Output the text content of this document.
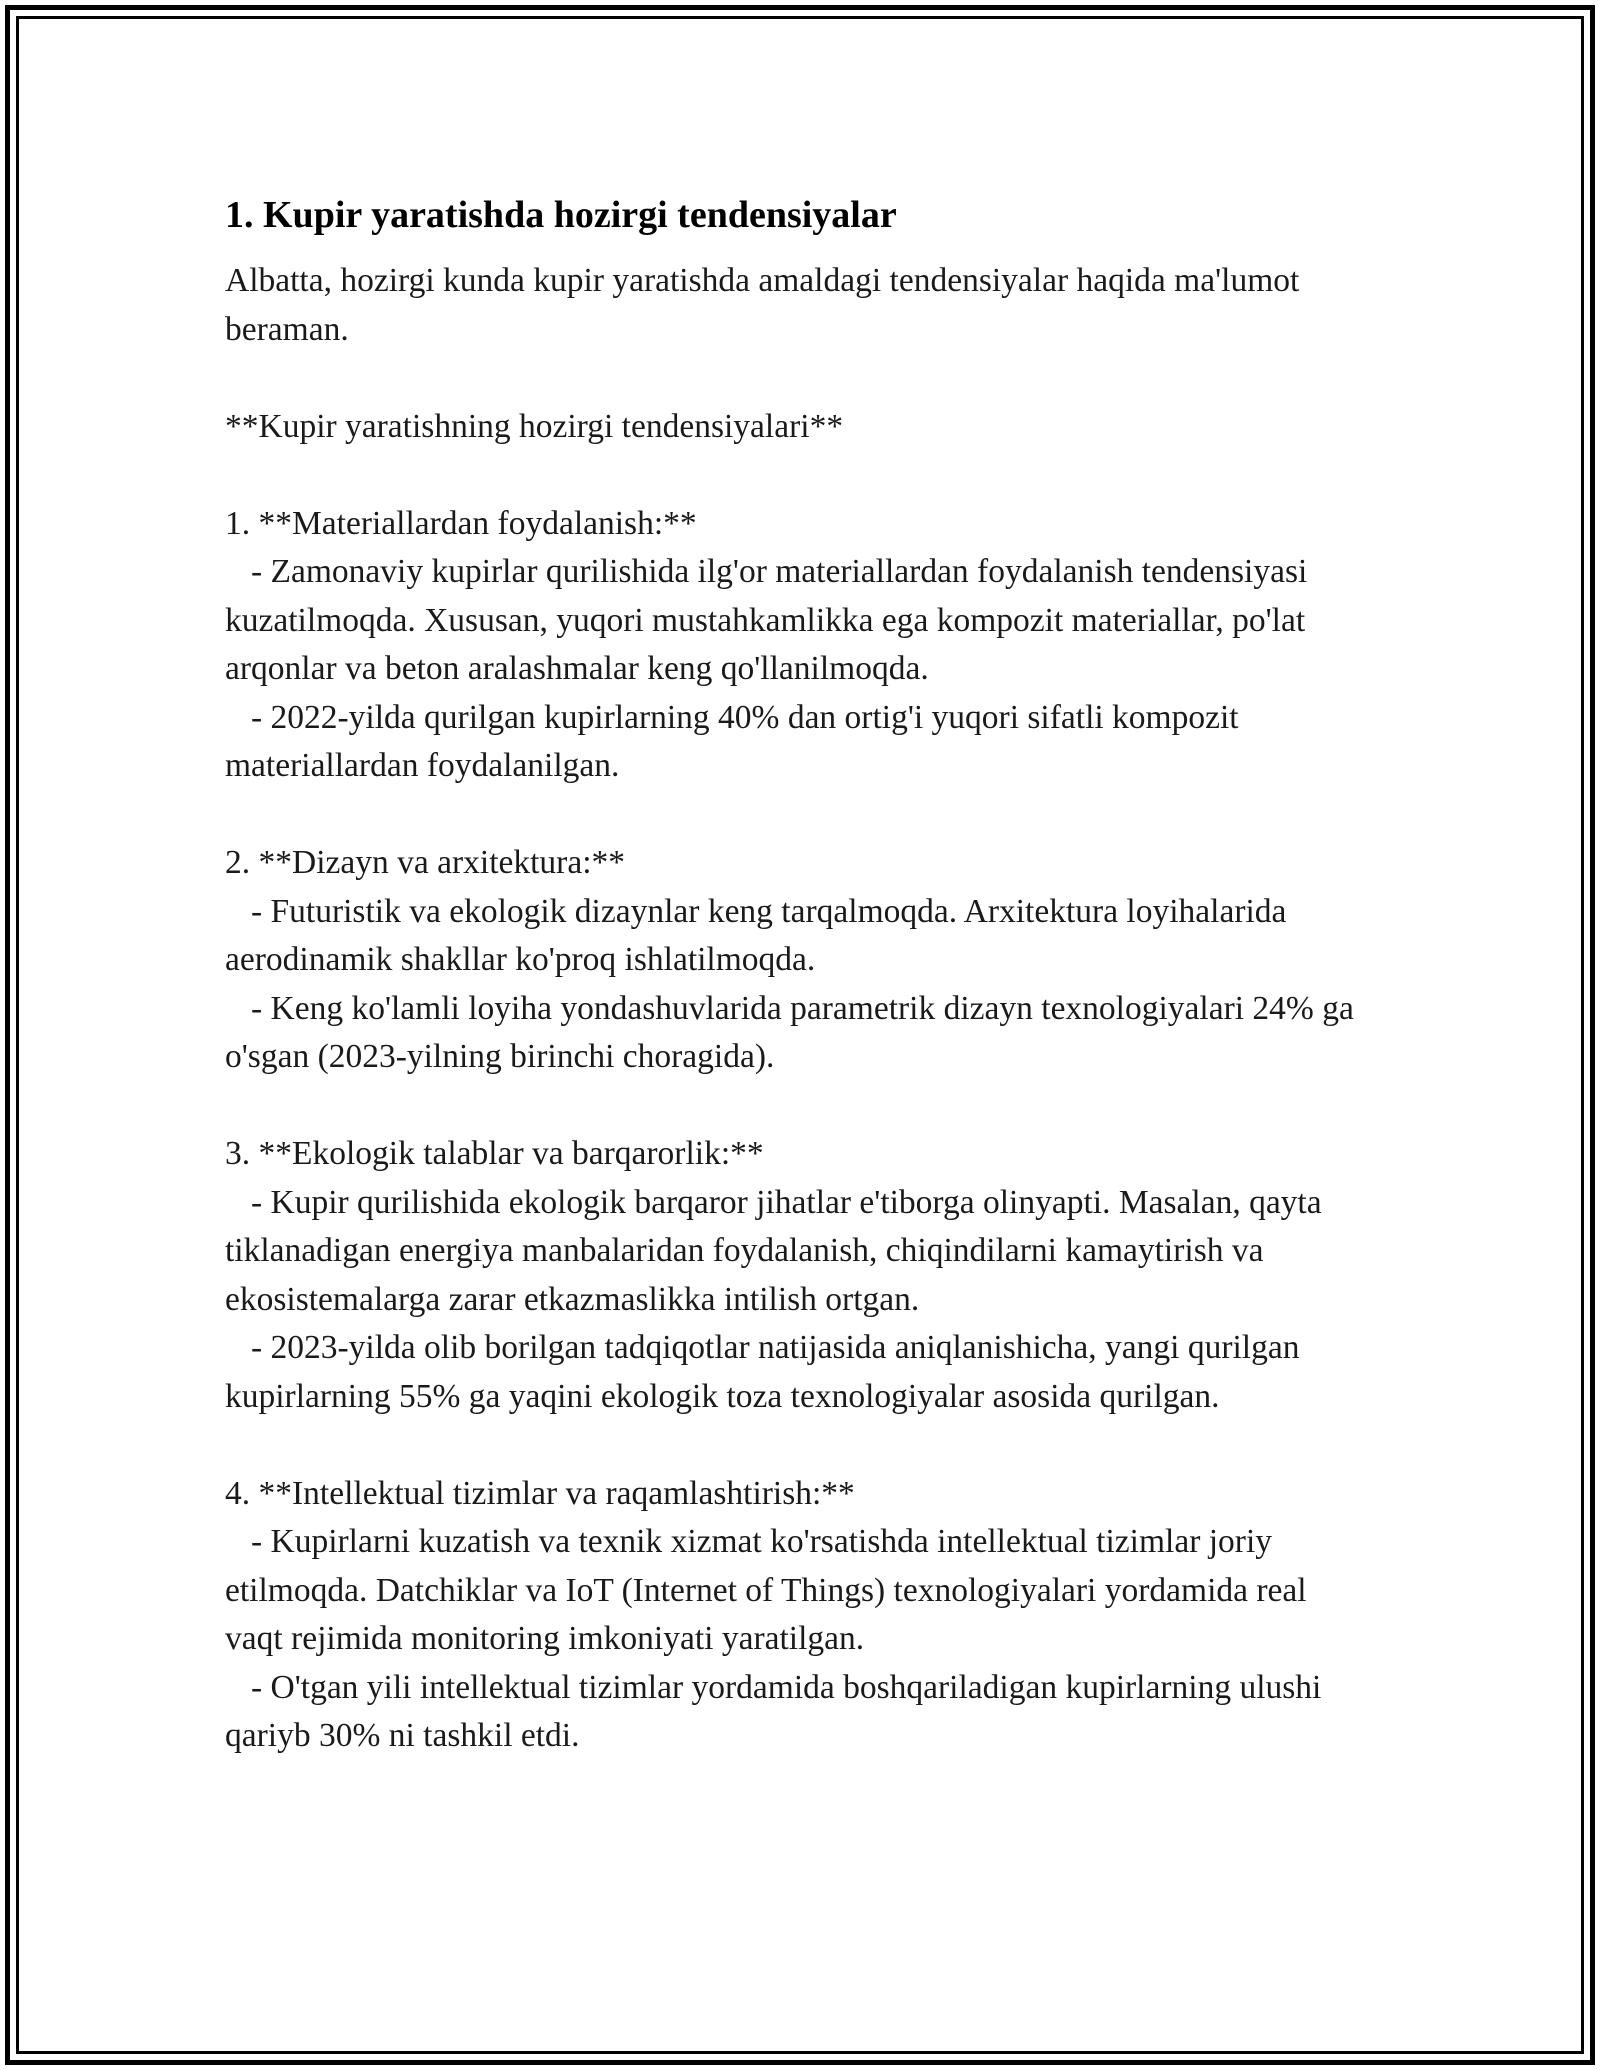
1. Kupir yaratishda hozirgi tendensiyalar

Albatta, hozirgi kunda kupir yaratishda amaldagi tendensiyalar haqida ma'lumot beraman.

**Kupir yaratishning hozirgi tendensiyalari**

1. **Materiallardan foydalanish:**

- Zamonaviy kupirlar qurilishida ilg'or materiallardan foydalanish tendensiyasi kuzatilmoqda. Xususan, yuqori mustahkamlikka ega kompozit materiallar, po'lat arqonlar va beton aralashmalar keng qo'llanilmoqda.

- 2022-yilda qurilgan kupirlarning 40% dan ortig'i yuqori sifatli kompozit materiallardan foydalanilgan.

2. **Dizayn va arxitektura:**

- Futuristik va ekologik dizaynlar keng tarqalmoqda. Arxitektura loyihalarida aerodinamik shakllar ko'proq ishlatilmoqda.

- Keng ko'lamli loyiha yondashuvlarida parametrik dizayn texnologiyalari 24% ga o'sgan (2023-yilning birinchi choragida).

3. **Ekologik talablar va barqarorlik:**

- Kupir qurilishida ekologik barqaror jihatlar e'tiborga olinyapti. Masalan, qayta tiklanadigan energiya manbalaridan foydalanish, chiqindilarni kamaytirish va ekosistemalarga zarar etkazmaslikka intilish ortgan.

- 2023-yilda olib borilgan tadqiqotlar natijasida aniqlanishicha, yangi qurilgan kupirlarning 55% ga yaqini ekologik toza texnologiyalar asosida qurilgan.

4. **Intellektual tizimlar va raqamlashtirish:**

- Kupirlarni kuzatish va texnik xizmat ko'rsatishda intellektual tizimlar joriy etilmoqda. Datchiklar va IoT (Internet of Things) texnologiyalari yordamida real vaqt rejimida monitoring imkoniyati yaratilgan.

- O'tgan yili intellektual tizimlar yordamida boshqariladigan kupirlarning ulushi qariyb 30% ni tashkil etdi.
